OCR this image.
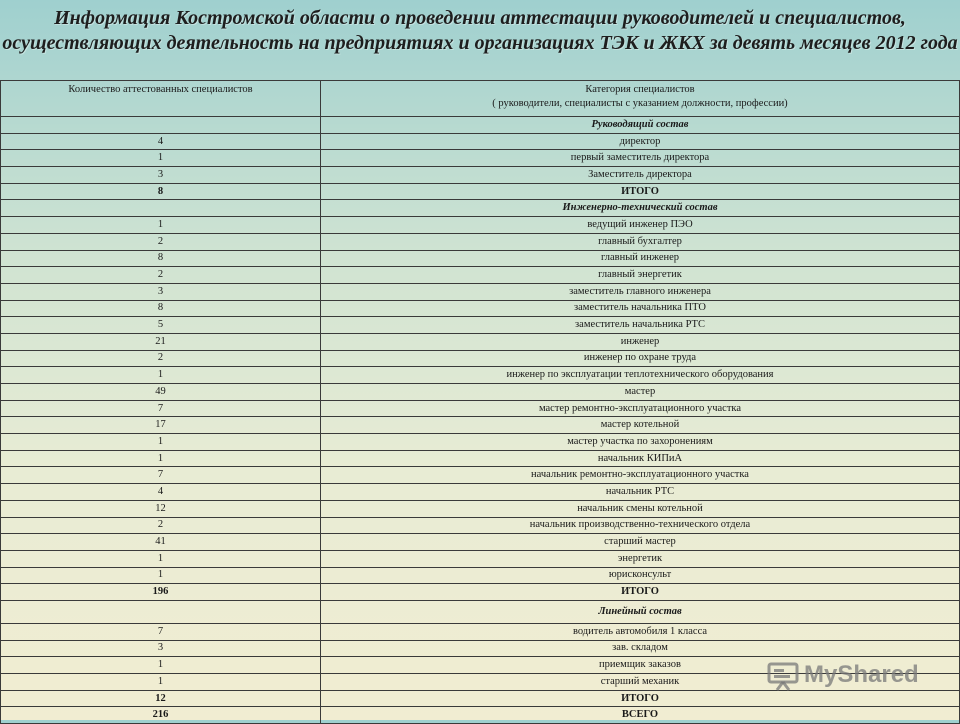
Информация Костромской области о проведении аттестации руководителей и специалистов, осуществляющих деятельность на предприятиях и организациях ТЭК и ЖКХ за девять месяцев 2012 года
Количество аттестованных специалистов	Категория специалистов
( руководители, специалисты с указанием должности, профессии)

	Руководящий состав
4	директор
1	первый заместитель директора
3	Заместитель директора
8	ИТОГО
	Инженерно-технический состав
1	ведущий инженер ПЭО
2	главный бухгалтер
8	главный инженер
2	главный энергетик
3	заместитель главного инженера
8	заместитель начальника ПТО
5	заместитель начальника РТС
21	инженер
2	инженер по охране труда
1	инженер по эксплуатации теплотехнического оборудования
49	мастер
7	мастер ремонтно-эксплуатационного участка
17	мастер котельной
1	мастер участка по захоронениям
1	начальник КИПиА
7	начальник ремонтно-эксплуатационного участка
4	начальник РТС
12	начальник смены котельной
2	начальник производственно-технического отдела
41	старший мастер
1	энергетик
1	юрисконсульт
196	ИТОГО
	Линейный состав
7	водитель автомобиля 1 класса
3	зав. складом
1	приемщик заказов
1	старший механик
12	ИТОГО
216	ВСЕГО
MyShared
